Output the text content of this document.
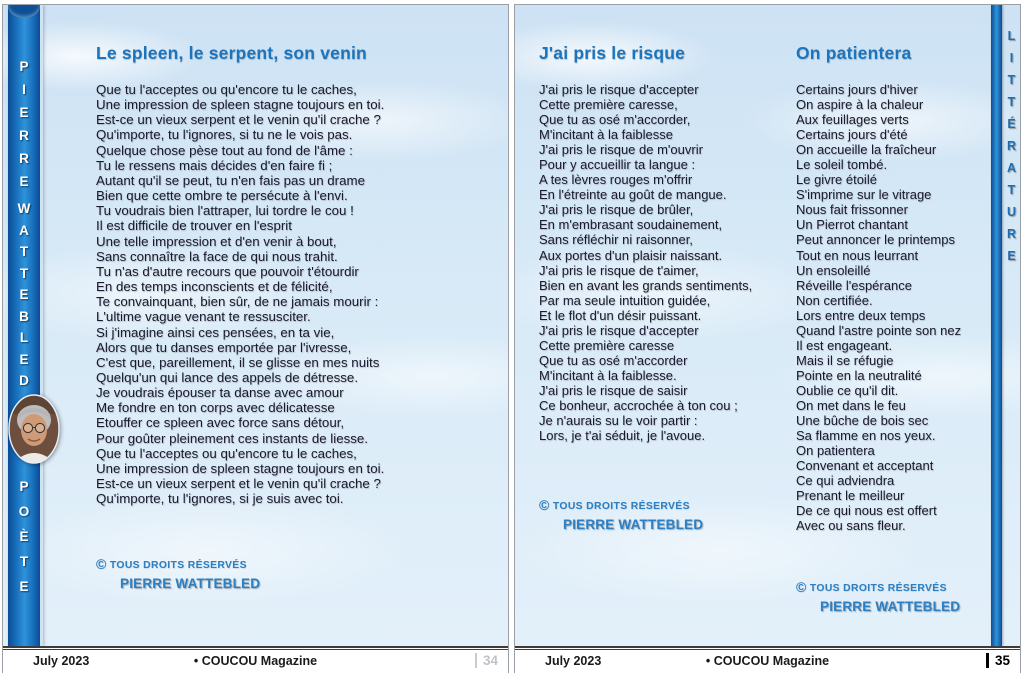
P
I
E
R
R
E
W
A
T
T
E
B
L
E
D
P
O
È
T
E
Le spleen, le serpent, son venin
Que tu l'acceptes ou qu'encore tu le caches,
Une impression de spleen stagne toujours en toi.
Est-ce un vieux serpent et le venin qu'il crache ?
Qu'importe, tu l'ignores, si tu ne le vois pas.
Quelque chose pèse tout au fond de l'âme :
Tu le ressens mais décides d'en faire fi ;
Autant qu'il se peut, tu n'en fais pas un drame
Bien que cette ombre te persécute à l'envi.
Tu voudrais bien l'attraper, lui tordre le cou !
Il est difficile de trouver en l'esprit
Une telle impression et d'en venir à bout,
Sans connaître la face de qui nous trahit.
Tu n'as d'autre recours que pouvoir t'étourdir
En des temps inconscients et de félicité,
Te convainquant, bien sûr, de ne jamais mourir :
L'ultime vague venant te ressusciter.
Si j'imagine ainsi ces pensées, en ta vie,
Alors que tu danses emportée par l'ivresse,
C'est que, pareillement, il se glisse en mes nuits
Quelqu'un qui lance des appels de détresse.
Je voudrais épouser ta danse avec amour
Me fondre en ton corps avec délicatesse
Etouffer ce spleen avec force sans détour,
Pour goûter pleinement ces instants de liesse.
Que tu l'acceptes ou qu'encore tu le caches,
Une impression de spleen stagne toujours en toi.
Est-ce un vieux serpent et le venin qu'il crache ?
Qu'importe, tu l'ignores, si je suis avec toi.
© TOUS DROITS RÉSERVÉS
PIERRE WATTEBLED
July 2023	• COUCOU Magazine	34
J'ai pris le risque
J'ai pris le risque d'accepter
Cette première caresse,
Que tu as osé m'accorder,
M'incitant à la faiblesse
J'ai pris le risque de m'ouvrir
Pour y accueillir ta langue :
A tes lèvres rouges m'offrir
En l'étreinte au goût de mangue.
J'ai pris le risque de brûler,
En m'embrasant soudainement,
Sans réfléchir ni raisonner,
Aux portes d'un plaisir naissant.
J'ai pris le risque de t'aimer,
Bien en avant les grands sentiments,
Par ma seule intuition guidée,
Et le flot d'un désir puissant.
J'ai pris le risque d'accepter
Cette première caresse
Que tu as osé m'accorder
M'incitant à la faiblesse.
J'ai pris le risque de saisir
Ce bonheur, accrochée à ton cou ;
Je n'aurais su le voir partir :
Lors, je t'ai séduit, je l'avoue.
© TOUS DROITS RÉSERVÉS
PIERRE WATTEBLED
On patientera
Certains jours d'hiver
On aspire à la chaleur
Aux feuillages verts
Certains jours d'été
On accueille la fraîcheur
Le soleil tombé.
Le givre étoilé
S'imprime sur le vitrage
Nous fait frissonner
Un Pierrot chantant
Peut annoncer le printemps
Tout en nous leurrant
Un ensoleillé
Réveille l'espérance
Non certifiée.
Lors entre deux temps
Quand l'astre pointe son nez
Il est engageant.
Mais il se réfugie
Pointe en la neutralité
Oublie ce qu'il dit.
On met dans le feu
Une bûche de bois sec
Sa flamme en nos yeux.
On patientera
Convenant et acceptant
Ce qui adviendra
Prenant le meilleur
De ce qui nous est offert
Avec ou sans fleur.
© TOUS DROITS RÉSERVÉS
PIERRE WATTEBLED
L
I
T
T
É
R
A
T
U
R
E
July 2023	• COUCOU Magazine	35
